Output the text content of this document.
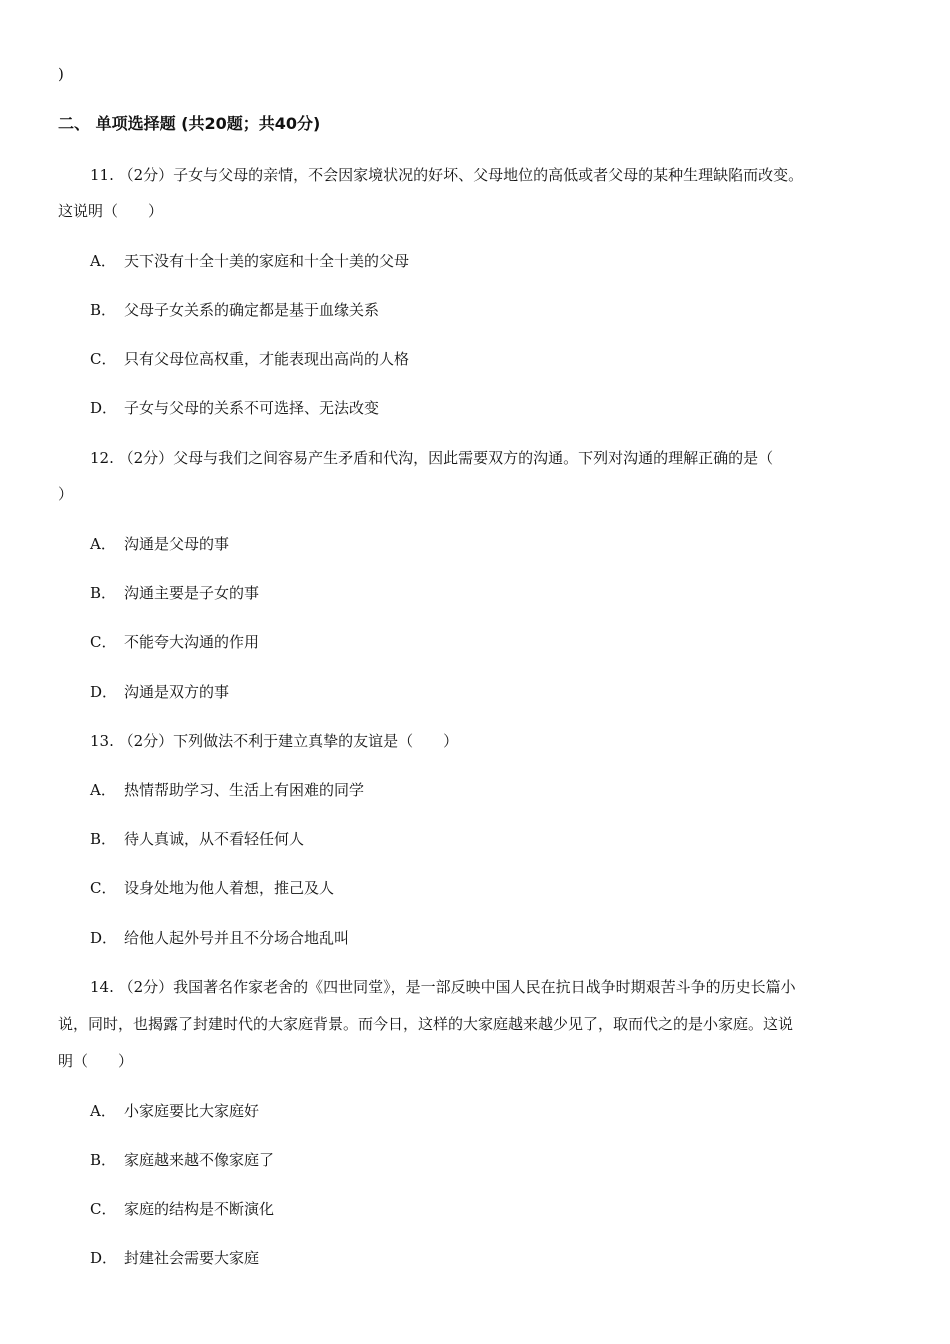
)
二、 单项选择题 (共20题；共40分)
11. （2分）子女与父母的亲情，不会因家境状况的好坏、父母地位的高低或者父母的某种生理缺陷而改变。
这说明（　　）
A． 天下没有十全十美的家庭和十全十美的父母
B． 父母子女关系的确定都是基于血缘关系
C． 只有父母位高权重，才能表现出高尚的人格
D． 子女与父母的关系不可选择、无法改变
12. （2分）父母与我们之间容易产生矛盾和代沟，因此需要双方的沟通。下列对沟通的理解正确的是（
）
A． 沟通是父母的事
B． 沟通主要是子女的事
C． 不能夸大沟通的作用
D． 沟通是双方的事
13. （2分）下列做法不利于建立真挚的友谊是（　　）
A． 热情帮助学习、生活上有困难的同学
B． 待人真诚，从不看轻任何人
C． 设身处地为他人着想，推己及人
D． 给他人起外号并且不分场合地乱叫
14. （2分）我国著名作家老舍的《四世同堂》，是一部反映中国人民在抗日战争时期艰苦斗争的历史长篇小
说，同时，也揭露了封建时代的大家庭背景。而今日，这样的大家庭越来越少见了，取而代之的是小家庭。这说
明（　　）
A． 小家庭要比大家庭好
B． 家庭越来越不像家庭了
C． 家庭的结构是不断演化
D． 封建社会需要大家庭
